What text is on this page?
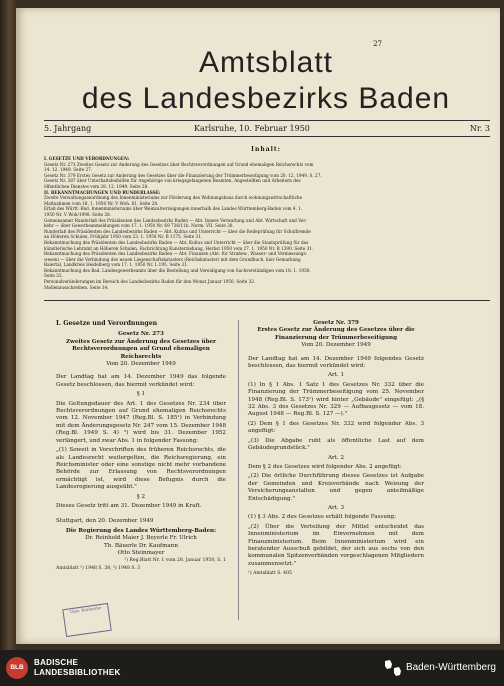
27
Amtsblatt
des Landesbezirks Baden
5. Jahrgang	Karlsruhe, 10. Februar 1950	Nr. 3
Inhalt:
I. GESETZE UND VERORDNUNGEN:
Gesetz Nr. 273 Zweites Gesetz zur Änderung des Gesetzes über Rechtsverordnungen auf Grund ehemaligen Reichsrechts vom
14. 12. 1949. Seite 27.
Gesetz Nr. 379 Erstes Gesetz zur Änderung des Gesetzes über die Finanzierung der Trümmerbeseitigung vom 20. 12. 1949. S. 27.
Gesetz Nr. 387 über Unterhaltsbeihilfen für Angehörige von kriegsgefangenen Beamten, Angestellten und Arbeitern des
öffentlichen Dienstes vom 28. 12. 1949. Seite 28.
II. BEKANNTMACHUNGEN UND RUNDERLASSE:
Zweite Verwaltungsanordnung des Innenministeriums zur Förderung des Wohnungsbaus durch wohnungswirtschaftliche
Maßnahmen vom 18. 1. 1950 Nr. V Woh. 61. Seite 28.
Erlaß des Württ.-Bad. Innenministeriums über Weinzulverzeigungen innerhalb des Landes Württemberg-Baden vom 4. 1.
1950 Nr. V Woh/1998. Seite 28.
Gemeinsamer Runderlaß des Präsidenten des Landesbezirks Baden — Abt. Innere Verwaltung und Abt. Wirtschaft und Ver-
kehr — über Gewerbeanmeldungen vom 17. 1. 1950 Nr. 69 736/11b. Norm. VII. Seite 30.
Runderlaß des Präsidenten des Landesbezirks Baden — Abt. Kultus und Unterricht — über die Reifeprüfung für Schulfremde
an Höheren Schulen, Frühjahr 1950 vom 23. 1. 1950 Nr. B 1175. Seite 31.
Bekanntmachung des Präsidenten des Landesbezirks Baden — Abt. Kultus und Unterricht — über die Staatsprüfung für das
künstlerische Lehramt an Höheren Schulen, Fachrichtung Kunsterziehung, Herbst 1950 vom 27. 1. 1950 Nr. B 1390. Seite 31.
Bekanntmachung des Präsidenten des Landesbezirks Baden — Abt. Finanzen (Abt. für Straßen-, Wasser- und Vermessungs-
wesen) — über die Verbindung des neuen Liegenschaftskatasters (Reichskataster) mit dem Grundbuch, hier Gemarkung
Baiertal, Landkreis Heidelberg vom 17. 1. 1950 Nr. L 195. Seite 31.
Bekanntmachung des Bad. Landesgewerbeamts über die Bestellung und Vereidigung von Sachverständigen vom 18. 1. 1950.
Seite 32.
Personalveränderungen im Bereich des Landesbezirks Baden für den Monat Januar 1950. Seite 32.
Stellenausschreiben. Seite 34.
I. Gesetze und Verordnungen
Gesetz Nr. 273
Zweites Gesetz zur Änderung des Gesetzes über Rechtsverordnungen auf Grund ehemaligen Reichsrechts
Vom 20. Dezember 1949
Der Landtag hat am 14. Dezember 1949 das folgende Gesetz beschlossen, das hiermit verkündet wird:
§ 1
Die Geltungsdauer des Art. 1 des Gesetzes Nr. 234 über Rechtsverordnungen auf Grund ehemaligen Reichsrechts vom 12. November 1947 (Reg.Bl. S. 185¹) in Verbindung mit dem Änderungsgesetz Nr. 247 vom 15. Dezember 1948 (Reg.Bl. 1949 S. 4) ²) wird bis 31. Dezember 1952 verlängert, und zwar Abs. 1 in folgender Fassung:
„(1) Soweit in Vorschriften des früheren Reichsrechts, die als Landesrecht weitergelten, die Reichsregierung, ein Reichsminister oder eine sonstige nicht mehr vorhandene Behörde zur Erlassung von Rechtsverordnungen ermächtigt ist, wird diese Befugnis durch die Landesregierung ausgeübt."
§ 2
Dieses Gesetz tritt am 31. Dezember 1949 in Kraft.
Stuttgart, den 20. Dezember 1949
Die Regierung des Landes Württemberg-Baden:
Dr. Reinhold Maier J. Beyerle Fr. Ulrich
Th. Bäuerle Dr. Kaufmann
Otto Steinmayer
¹) Reg.Blatt Nr. 1 vom 28. Januar 1950, S. 1
Amtsblatt ¹) 1948 S. 38, ²) 1948 S. 3
Gesetz Nr. 379
Erstes Gesetz zur Änderung des Gesetzes über die Finanzierung der Trümmerbeseitigung
Vom 20. Dezember 1949
Der Landtag hat am 14. Dezember 1949 folgendes Gesetz beschlossen, das hiermit verkündet wird:
Art. 1
(1) In § 1 Abs. 1 Satz 1 des Gesetzes Nr. 332 über die Finanzierung der Trümmerbeseitigung vom 25. November 1948 (Reg.Bl. S. 173¹) wird hinter „Gebäude" eingefügt: „(§ 32 Abs. 3 des Gesetzes Nr. 329 — Aufbaugesetz — vom 18. August 1948 — Reg.Bl. S. 127 —)."
(2) Dem § 1 des Gesetzes Nr. 332 wird folgender Abs. 3 angefügt:
„(3) Die Abgabe ruht als öffentliche Last auf dem Gebäudegrundstück."
Art. 2
Dem § 2 des Gesetzes wird folgender Abs. 2 angefügt:
„(2) Die örtliche Durchführung dieses Gesetzes ist Aufgabe der Gemeinden und Kreisverbände nach Weisung der Versicherungsanstalten und gegen anteilmäßige Entschädigung."
Art. 3
(1) § 3 Abs. 2 des Gesetzes erhält folgende Fassung:
„(2) Über die Verteilung der Mittel entscheidet das Innenministerium im Einvernehmen mit dem Finanzministerium. Beim Innenministerium wird ein beratender Ausschuß gebildet, der sich aus sechs von den kommunalen Spitzenverbänden vorgeschlagenen Mitgliedern zusammensetzt."
¹) Amtsblatt S. 405
Univ. Karlsruhe
BLB
BADISCHE
LANDESBIBLIOTHEK	Baden-Württemberg
